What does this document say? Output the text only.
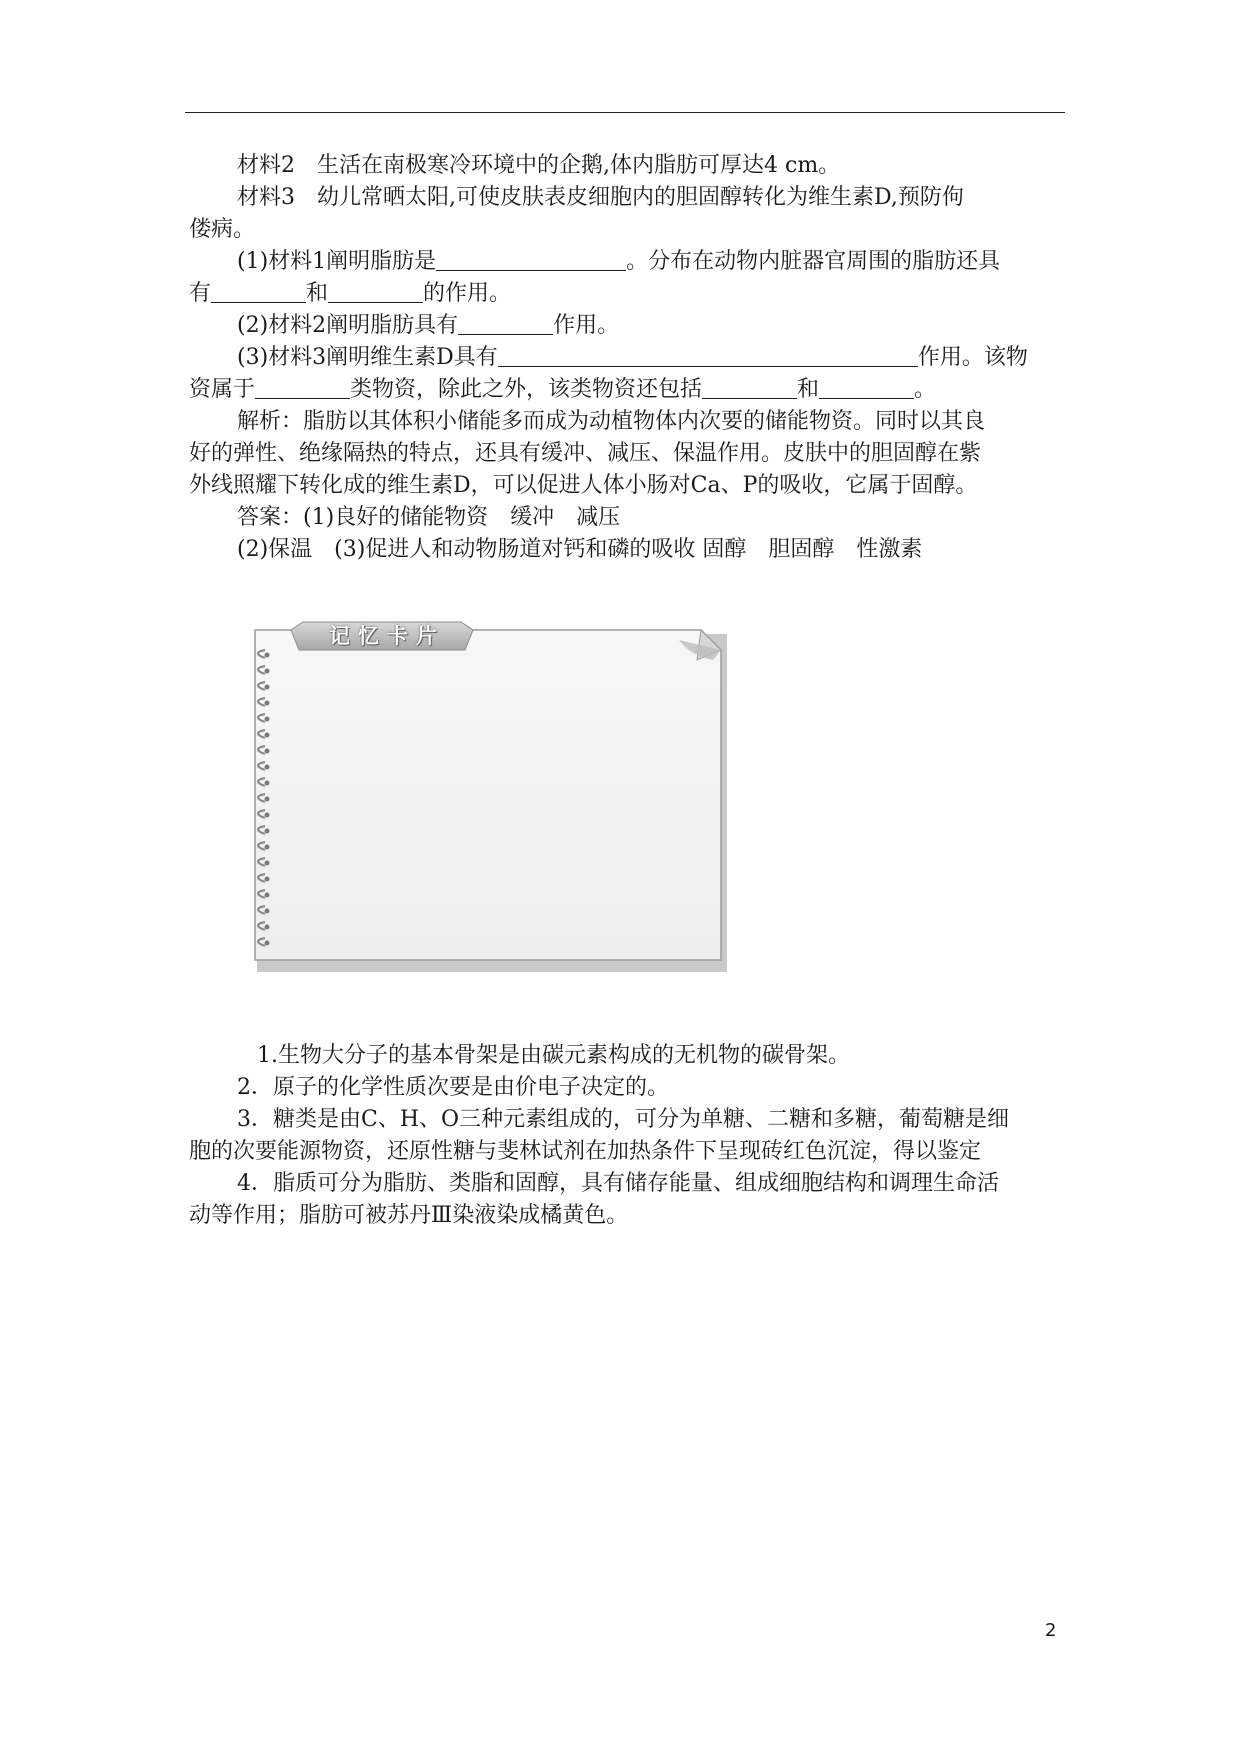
材料2　 生活在南极寒冷环境中的企鹅,体内脂肪可厚达4 cm。

材料3　 幼儿常晒太阳,可使皮肤表皮细胞内的胆固醇转化为维生素D,预防佝

偻病。

(1)材料1阐明脂肪是	。分布在动物内脏器官周围的脂肪还具

有	和	的作用。

(2)材料2阐明脂肪具有	作用。

(3)材料3阐明维生素D具有	作用。该物

资属于	类物资，除此之外，该类物资还包括	和	。

解析：脂肪以其体积小储能多而成为动植物体内次要的储能物资。同时以其良

好的弹性、绝缘隔热的特点，还具有缓冲、减压、保温作用。皮肤中的胆固醇在紫

外线照耀下转化成的维生素D，可以促进人体小肠对Ca、P的吸收，它属于固醇。

答案：(1)良好的储能物资　缓冲　减压

(2)保温　(3)促进人和动物肠道对钙和磷的吸收 固醇　胆固醇　性激素

记忆卡片

1.生物大分子的基本骨架是由碳元素构成的无机物的碳骨架。

2．原子的化学性质次要是由价电子决定的。

3．糖类是由C、H、O三种元素组成的，可分为单糖、二糖和多糖，葡萄糖是细

胞的次要能源物资，还原性糖与斐林试剂在加热条件下呈现砖红色沉淀，得以鉴定

4．脂质可分为脂肪、类脂和固醇，具有储存能量、组成细胞结构和调理生命活

动等作用；脂肪可被苏丹Ⅲ染液染成橘黄色。

2
